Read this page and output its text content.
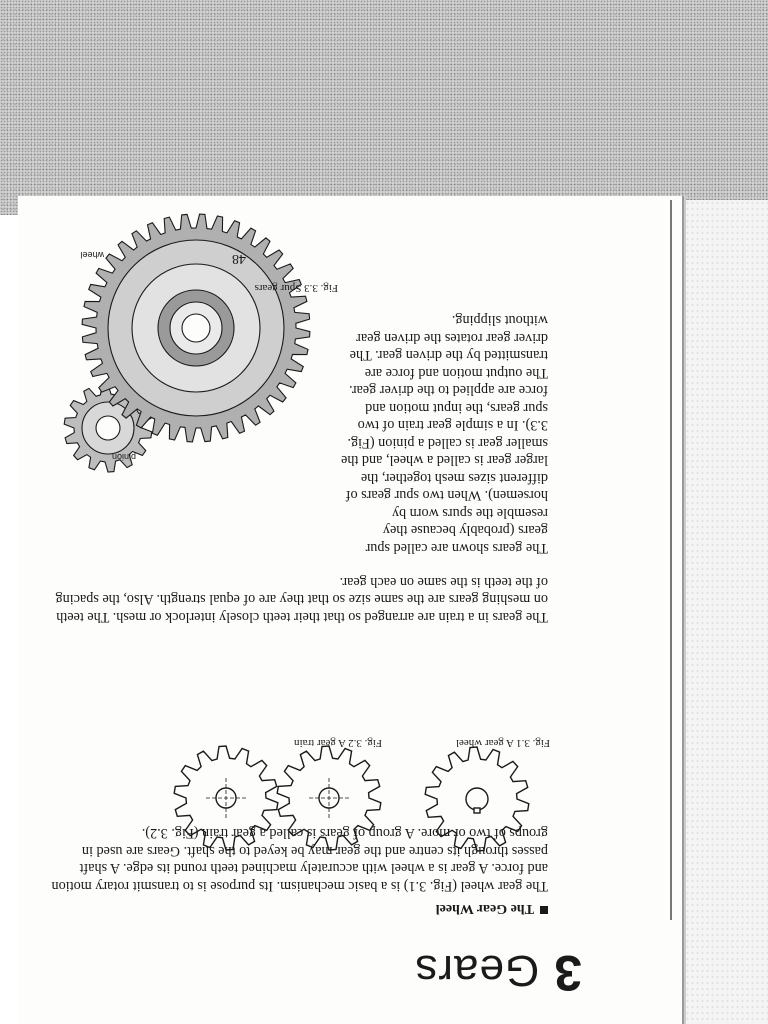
3Gears
The Gear Wheel
The gear wheel (Fig. 3.1) is a basic mechanism. Its purpose is to transmit rotary motion and force. A gear is a wheel with accurately machined teeth round its edge. A shaft passes through its centre and the gear may be keyed to the shaft. Gears are used in groups of two or more. A group of gears is called a gear train (Fig. 3.2).
Fig. 3.1 A gear wheel
Fig. 3.2 A gear train
The gears in a train are arranged so that their teeth closely interlock or mesh. The teeth on meshing gears are the same size so that they are of equal strength. Also, the spacing of the teeth is the same on each gear.
The gears shown are called spur gears (probably because they resemble the spurs worn by horsemen). When two spur gears of different sizes mesh together, the larger gear is called a wheel, and the smaller gear is called a pinion (Fig. 3.3). In a simple gear train of two spur gears, the input motion and force are applied to the driver gear. The output motion and force are transmitted by the driven gear. The driver gear rotates the driven gear without slipping.
pinion
wheel
Fig. 3.3 Spur gears
48
